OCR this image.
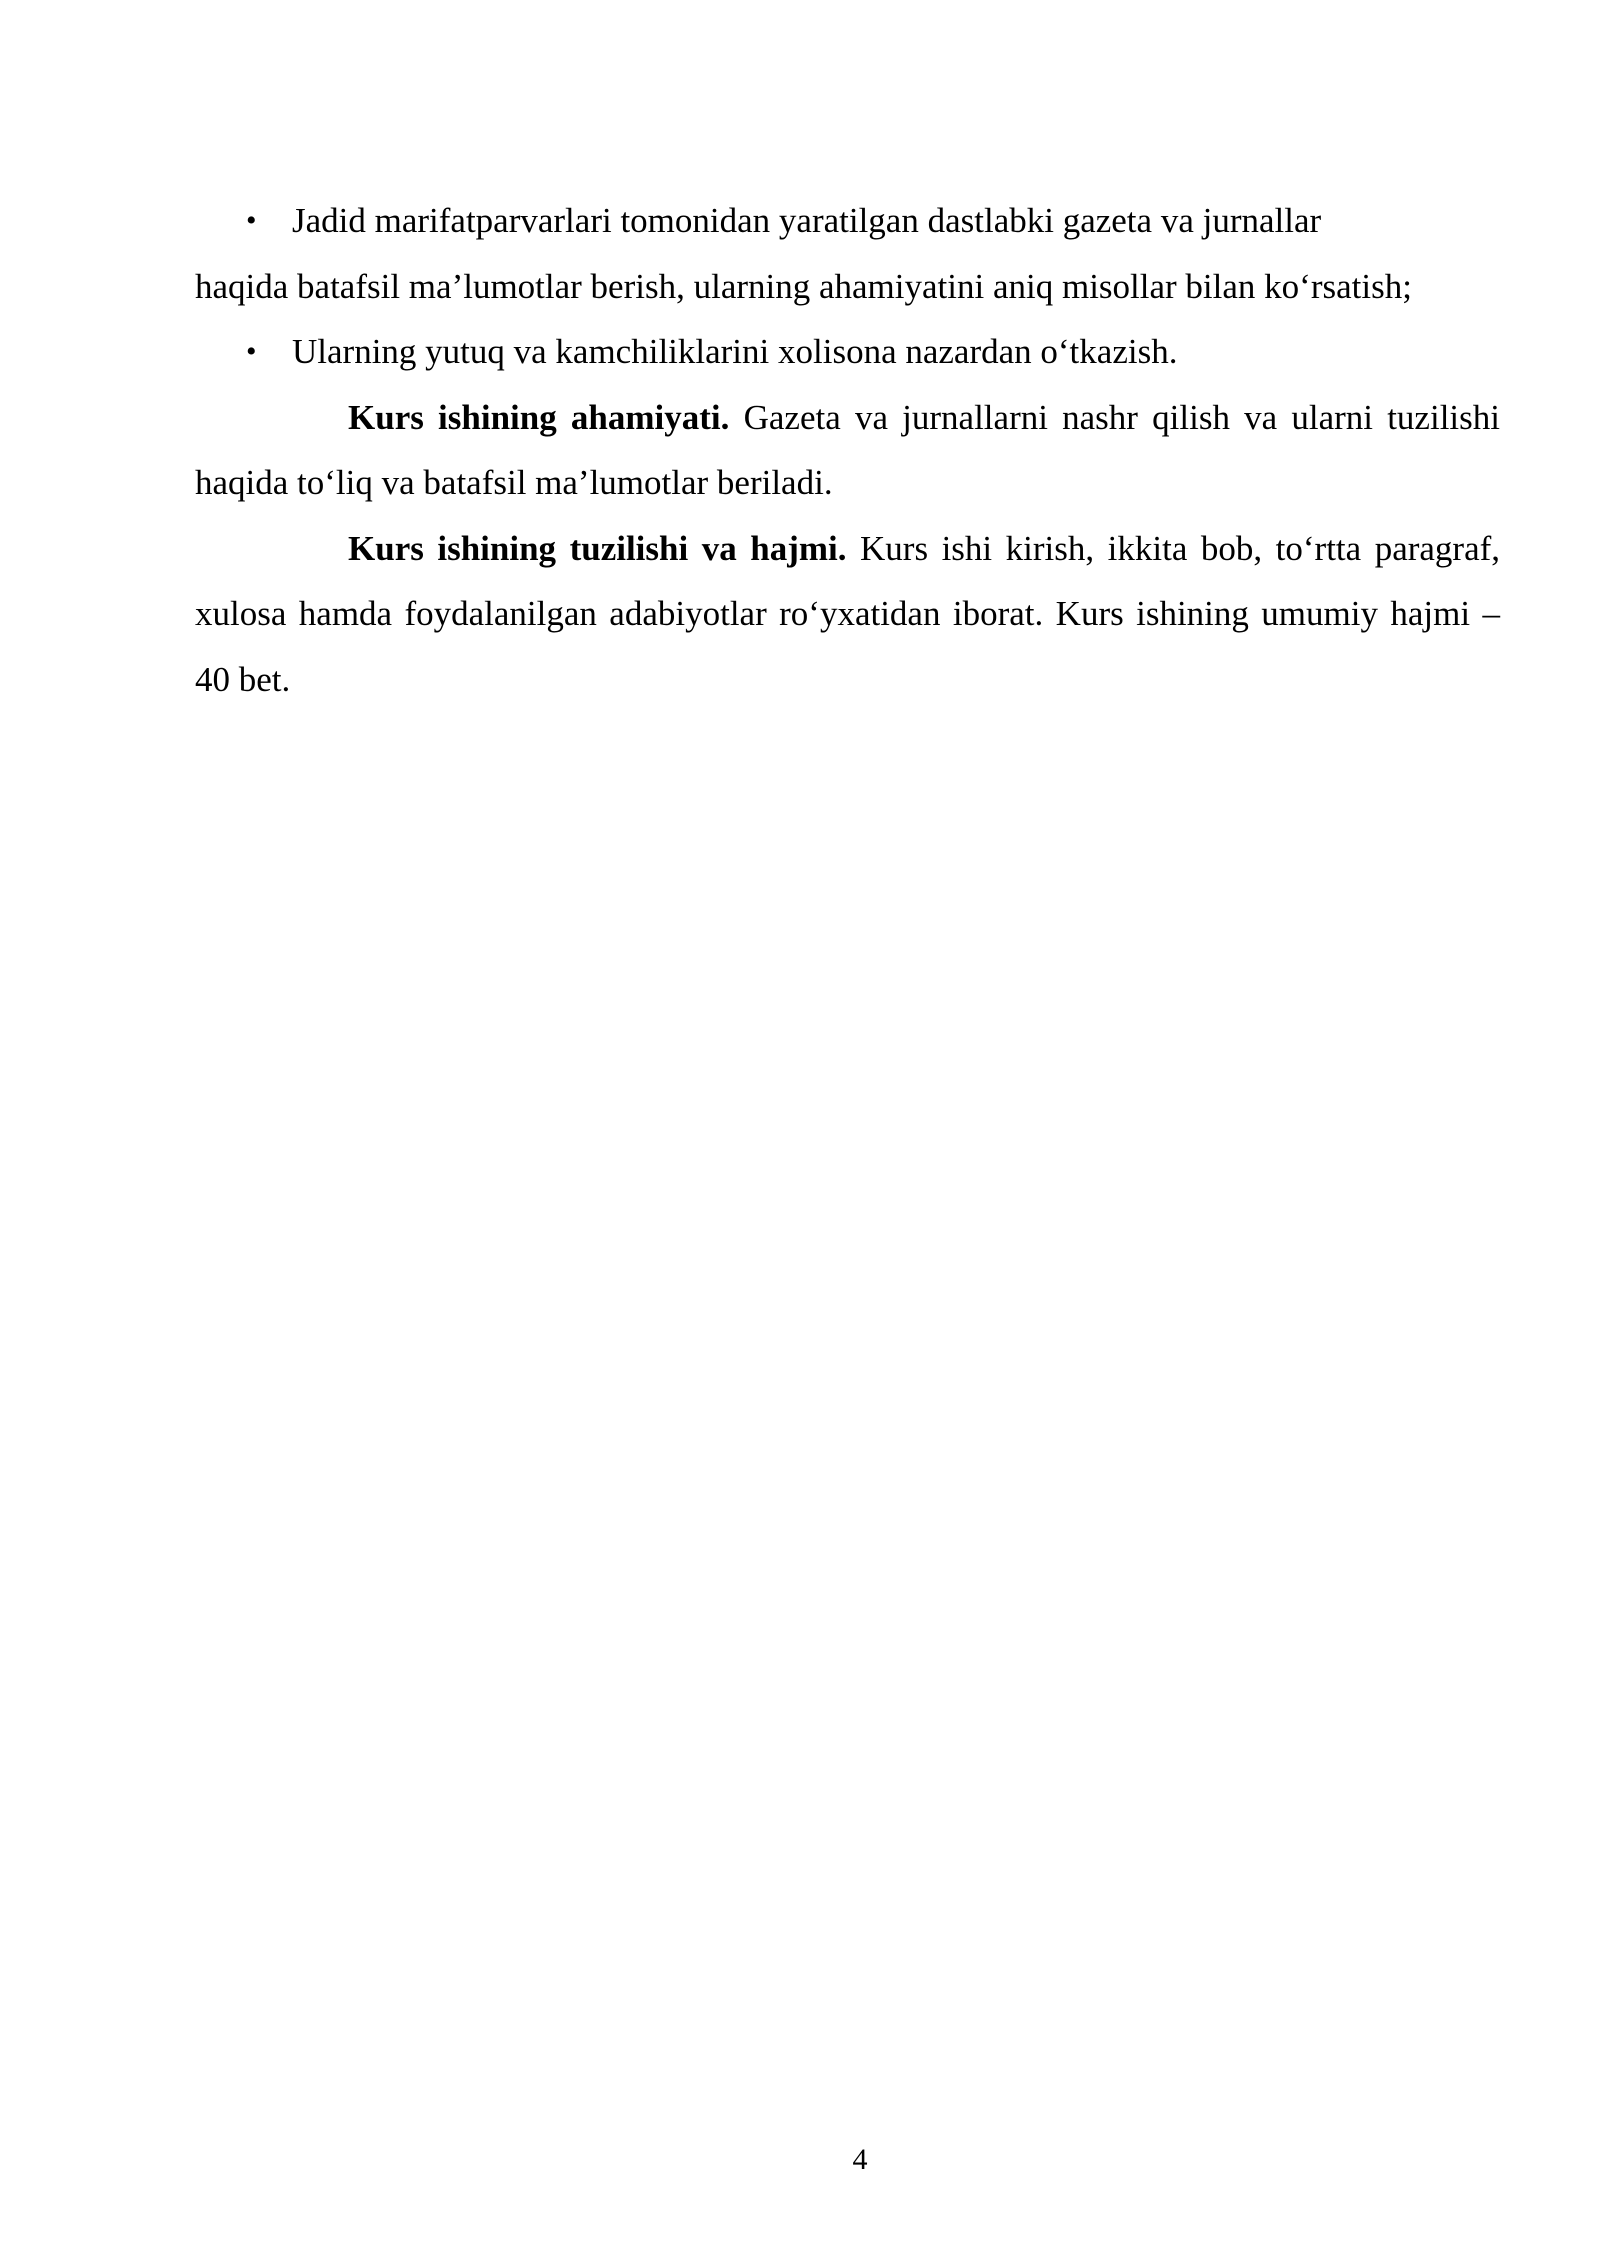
• Jadid marifatparvarlari tomonidan yaratilgan dastlabki gazeta va jurnallar
haqida batafsil ma’lumotlar berish, ularning ahamiyatini aniq misollar bilan ko‘rsatish;

• Ularning yutuq va kamchiliklarini xolisona nazardan o‘tkazish.

Kurs ishining ahamiyati. Gazeta va jurnallarni nashr qilish va ularni tuzilishi haqida to‘liq va batafsil ma’lumotlar beriladi.

Kurs ishining tuzilishi va hajmi. Kurs ishi kirish, ikkita bob, to‘rtta paragraf, xulosa hamda foydalanilgan adabiyotlar ro‘yxatidan iborat. Kurs ishining umumiy hajmi – 40 bet.

4
